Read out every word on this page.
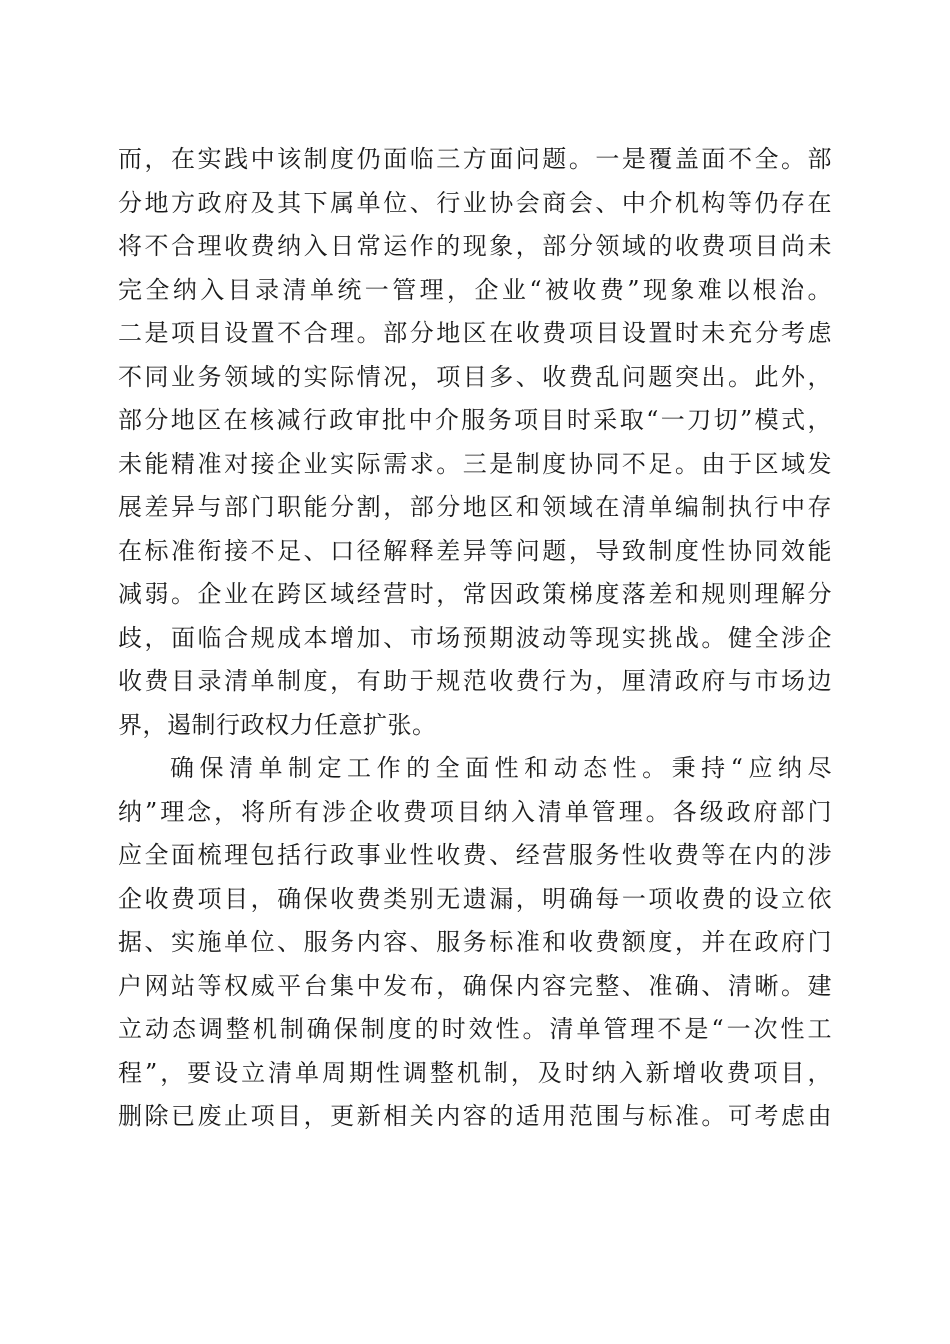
而，在实践中该制度仍面临三方面问题。一是覆盖面不全。部
分地方政府及其下属单位、行业协会商会、中介机构等仍存在
将不合理收费纳入日常运作的现象，部分领域的收费项目尚未
完全纳入目录清单统一管理，企业“被收费”现象难以根治。
二是项目设置不合理。部分地区在收费项目设置时未充分考虑
不同业务领域的实际情况，项目多、收费乱问题突出。此外，
部分地区在核减行政审批中介服务项目时采取“一刀切”模式，
未能精准对接企业实际需求。三是制度协同不足。由于区域发
展差异与部门职能分割，部分地区和领域在清单编制执行中存
在标准衔接不足、口径解释差异等问题，导致制度性协同效能
减弱。企业在跨区域经营时，常因政策梯度落差和规则理解分
歧，面临合规成本增加、市场预期波动等现实挑战。健全涉企
收费目录清单制度，有助于规范收费行为，厘清政府与市场边
界，遏制行政权力任意扩张。
确保清单制定工作的全面性和动态性。秉持“应纳尽
纳”理念，将所有涉企收费项目纳入清单管理。各级政府部门
应全面梳理包括行政事业性收费、经营服务性收费等在内的涉
企收费项目，确保收费类别无遗漏，明确每一项收费的设立依
据、实施单位、服务内容、服务标准和收费额度，并在政府门
户网站等权威平台集中发布，确保内容完整、准确、清晰。建
立动态调整机制确保制度的时效性。清单管理不是“一次性工
程”，要设立清单周期性调整机制，及时纳入新增收费项目，
删除已废止项目，更新相关内容的适用范围与标准。可考虑由
